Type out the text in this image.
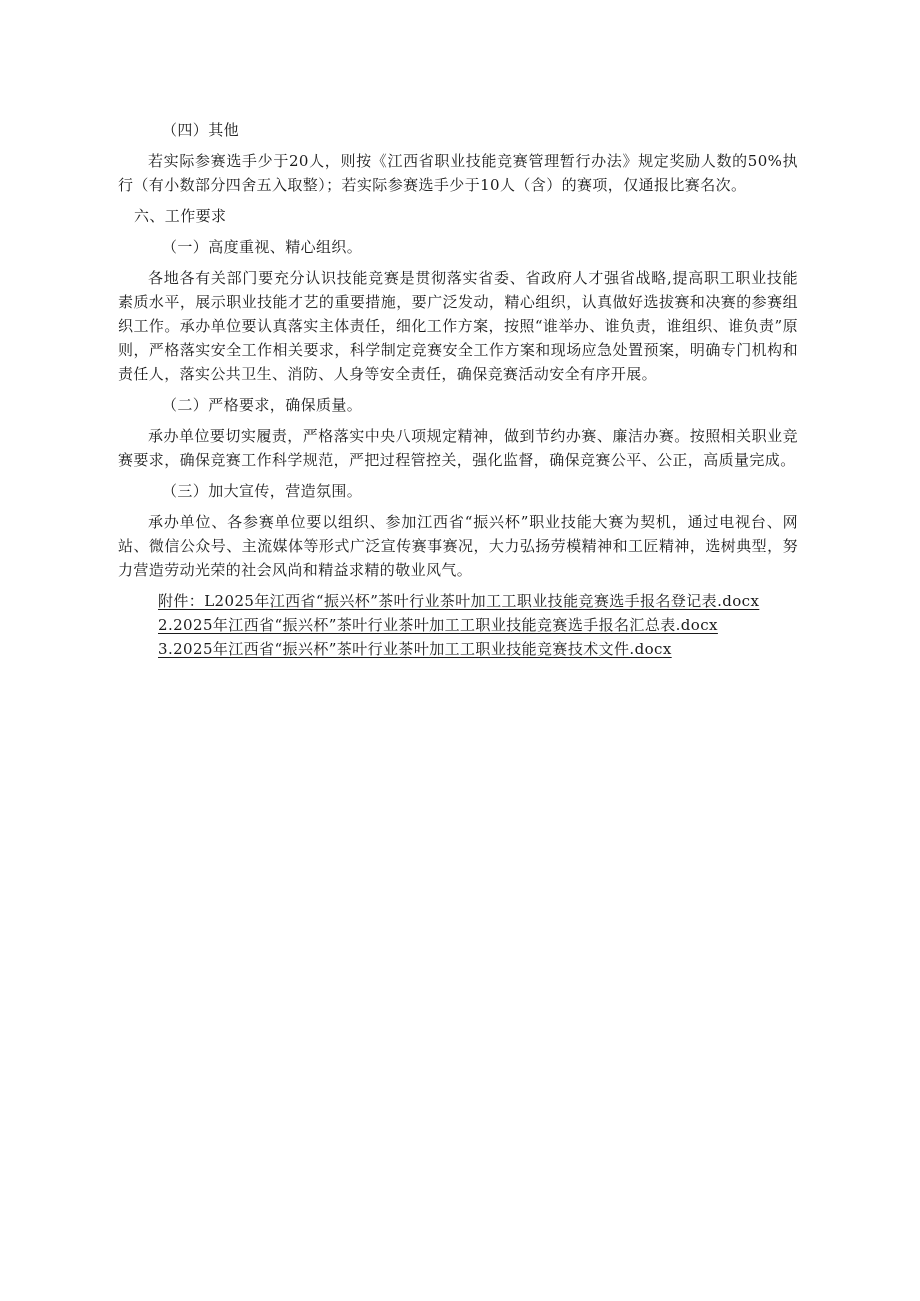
（四）其他

若实际参赛选手少于20人，则按《江西省职业技能竞赛管理暂行办法》规定奖励人数的50%执行（有小数部分四舍五入取整）；若实际参赛选手少于10人（含）的赛项，仅通报比赛名次。

六、工作要求

（一）高度重视、精心组织。

各地各有关部门要充分认识技能竞赛是贯彻落实省委、省政府人才强省战略,提高职工职业技能素质水平，展示职业技能才艺的重要措施，要广泛发动，精心组织，认真做好选拔赛和决赛的参赛组织工作。承办单位要认真落实主体责任，细化工作方案，按照“谁举办、谁负责，谁组织、谁负责”原则，严格落实安全工作相关要求，科学制定竞赛安全工作方案和现场应急处置预案，明确专门机构和责任人，落实公共卫生、消防、人身等安全责任，确保竞赛活动安全有序开展。

（二）严格要求，确保质量。

承办单位要切实履责，严格落实中央八项规定精神，做到节约办赛、廉洁办赛。按照相关职业竞赛要求，确保竞赛工作科学规范，严把过程管控关，强化监督，确保竞赛公平、公正，高质量完成。

（三）加大宣传，营造氛围。

承办单位、各参赛单位要以组织、参加江西省“振兴杯”职业技能大赛为契机，通过电视台、网站、微信公众号、主流媒体等形式广泛宣传赛事赛况，大力弘扬劳模精神和工匠精神，选树典型，努力营造劳动光荣的社会风尚和精益求精的敬业风气。

附件：L2025年江西省“振兴杯”茶叶行业茶叶加工工职业技能竞赛选手报名登记表.docx
2.2025年江西省“振兴杯”茶叶行业茶叶加工工职业技能竞赛选手报名汇总表.docx
3.2025年江西省“振兴杯”茶叶行业茶叶加工工职业技能竞赛技术文件.docx
